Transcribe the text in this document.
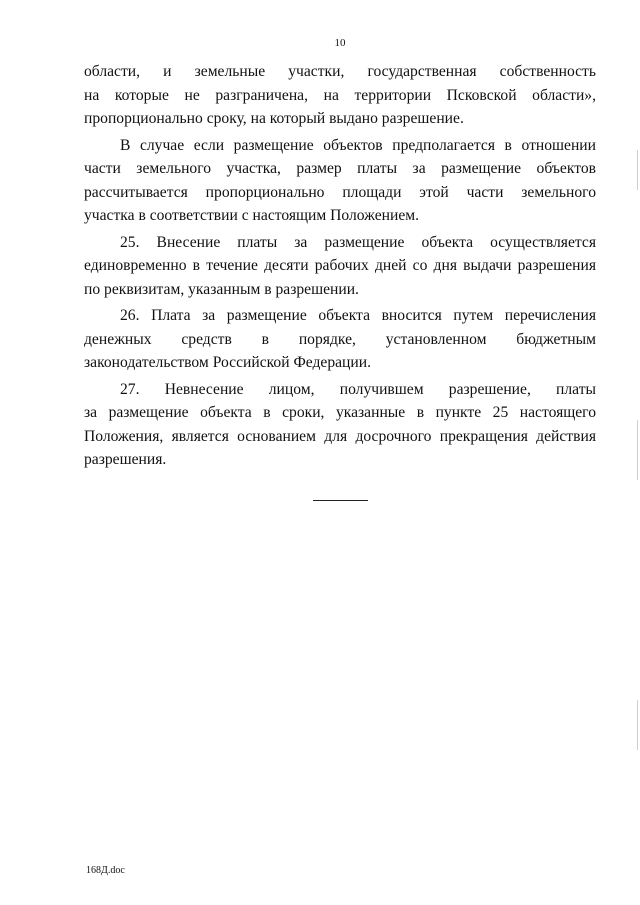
10
области, и земельные участки, государственная собственность
на которые не разграничена, на территории Псковской области»,
пропорционально сроку, на который выдано разрешение.
В случае если размещение объектов предполагается в отношении
части земельного участка, размер платы за размещение объектов
рассчитывается пропорционально площади этой части земельного
участка в соответствии с настоящим Положением.
25. Внесение платы за размещение объекта осуществляется
единовременно в течение десяти рабочих дней со дня выдачи разрешения
по реквизитам, указанным в разрешении.
26. Плата за размещение объекта вносится путем перечисления
денежных средств в порядке, установленном бюджетным
законодательством Российской Федерации.
27. Невнесение лицом, получившем разрешение, платы
за размещение объекта в сроки, указанные в пункте 25 настоящего
Положения, является основанием для досрочного прекращения действия
разрешения.
168Д.doc
